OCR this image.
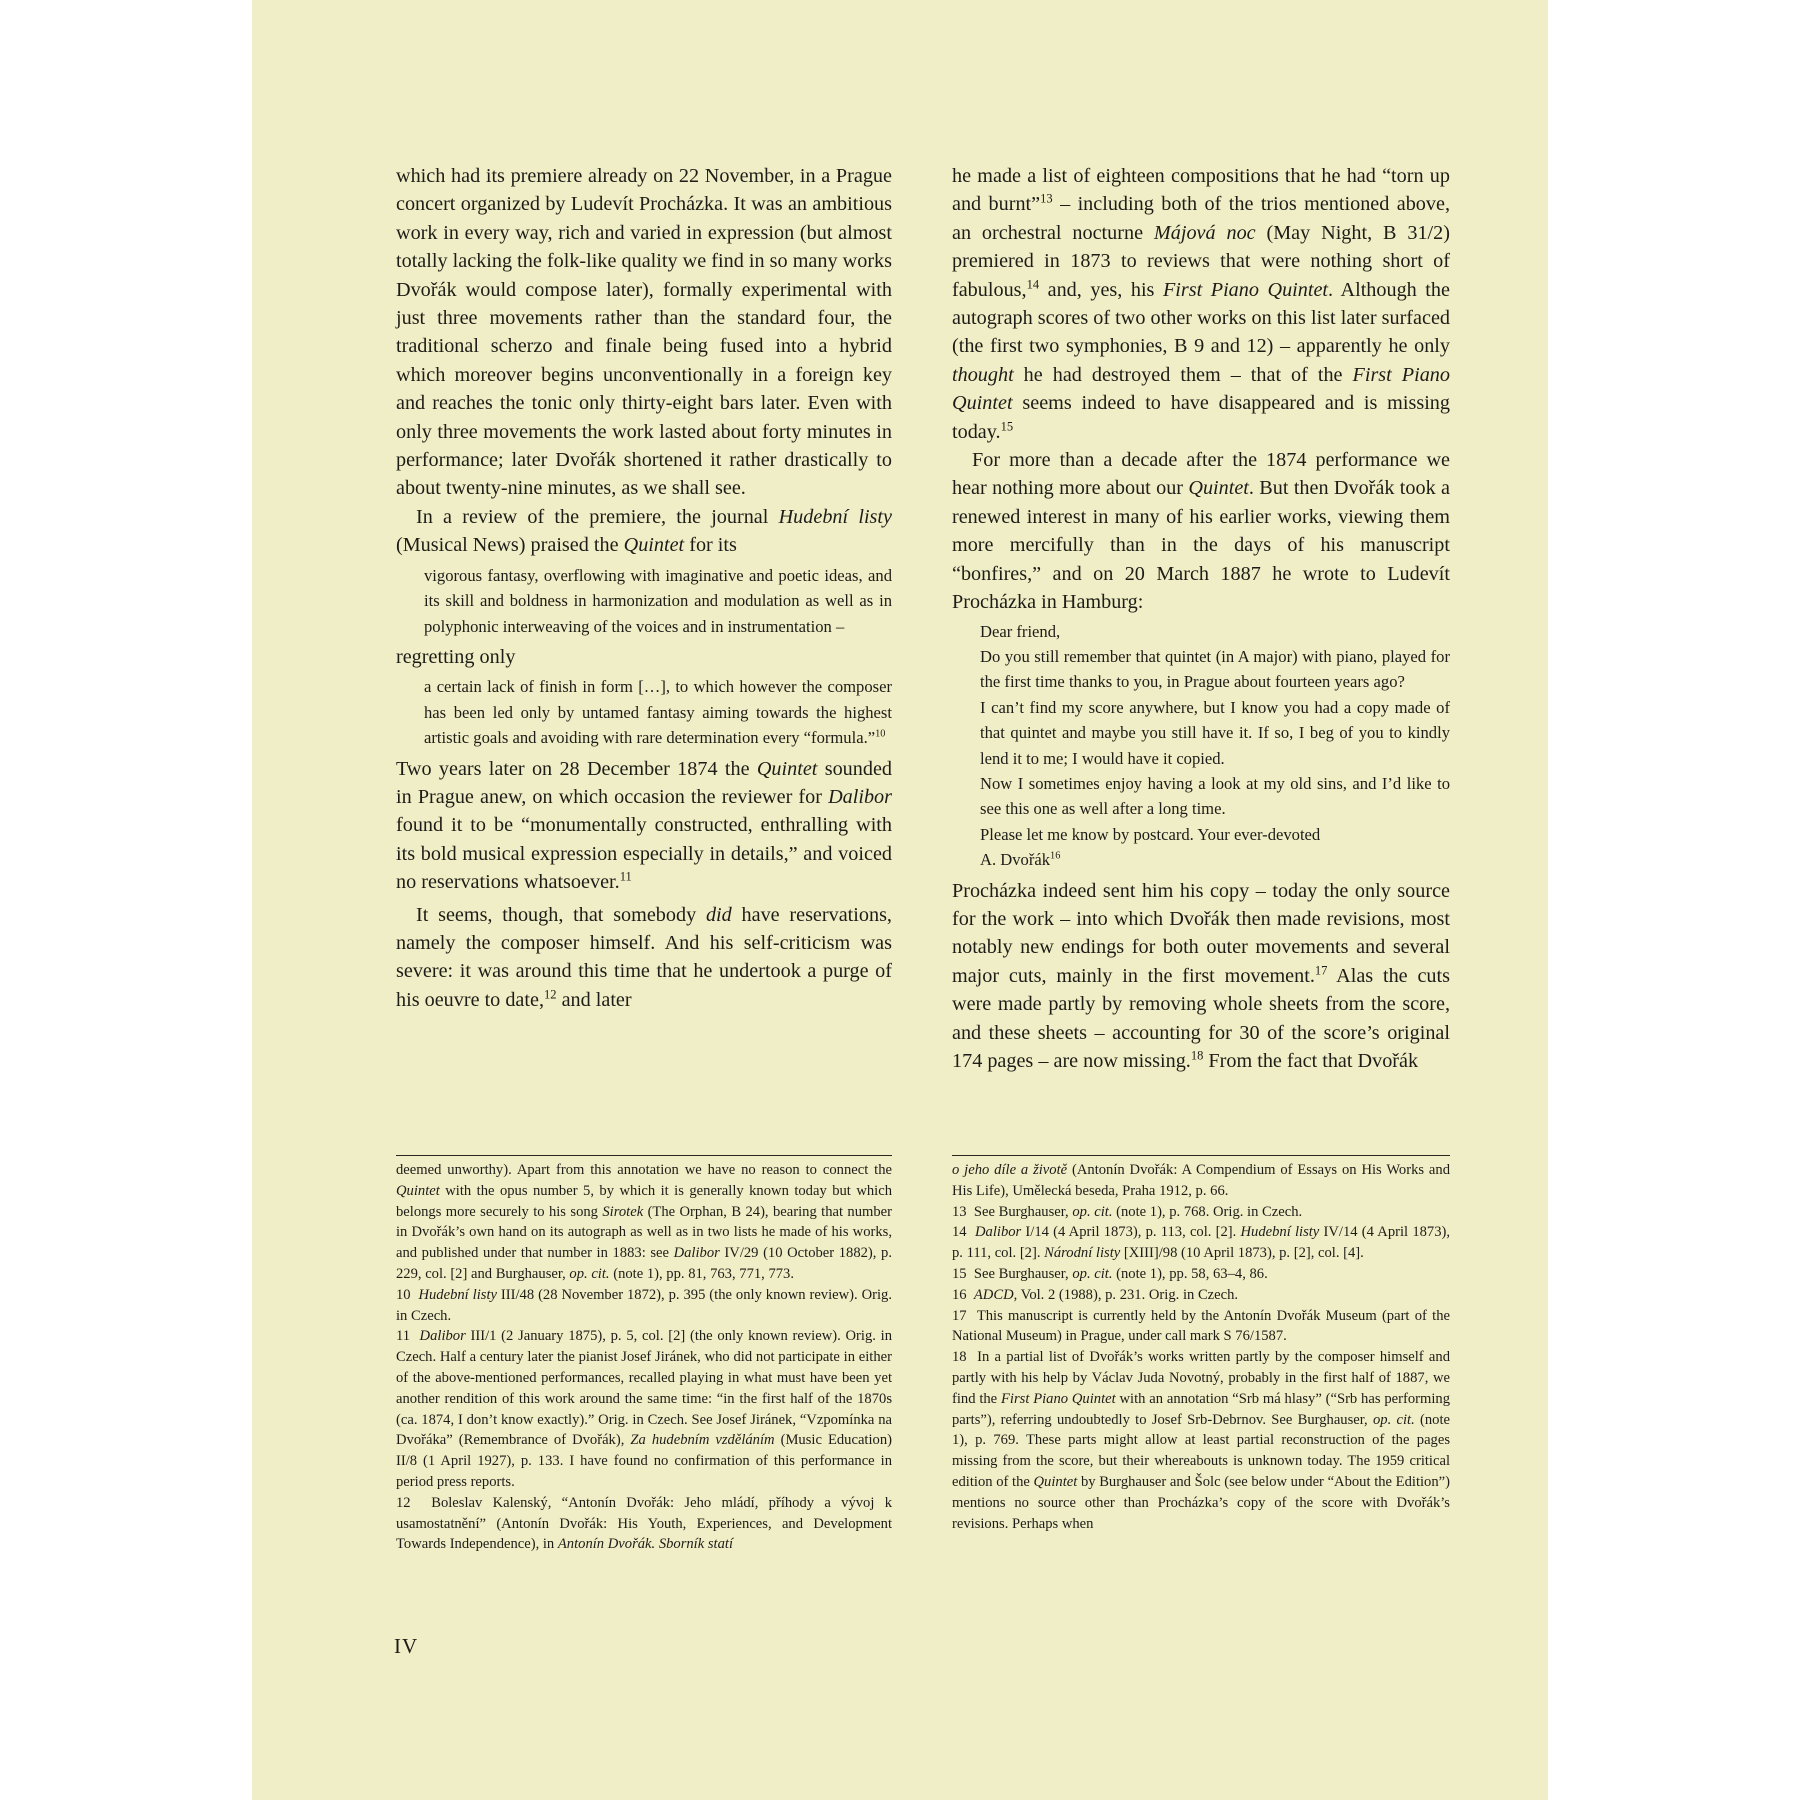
which had its premiere already on 22 November, in a Prague concert organized by Ludevít Procházka. It was an ambitious work in every way, rich and varied in expression (but almost totally lacking the folk-like quality we find in so many works Dvořák would compose later), formally experimental with just three movements rather than the standard four, the traditional scherzo and finale being fused into a hybrid which moreover begins unconventionally in a foreign key and reaches the tonic only thirty-eight bars later. Even with only three movements the work lasted about forty minutes in performance; later Dvořák shortened it rather drastically to about twenty-nine minutes, as we shall see.

In a review of the premiere, the journal Hudební listy (Musical News) praised the Quintet for its

vigorous fantasy, overflowing with imaginative and poetic ideas, and its skill and boldness in harmonization and modulation as well as in polyphonic interweaving of the voices and in instrumentation –

regretting only

a certain lack of finish in form […], to which however the composer has been led only by untamed fantasy aiming towards the highest artistic goals and avoiding with rare determination every “formula.”$^{10}$

Two years later on 28 December 1874 the Quintet sounded in Prague anew, on which occasion the reviewer for Dalibor found it to be “monumentally constructed, enthralling with its bold musical expression especially in details,” and voiced no reservations whatsoever.$^{11}$

It seems, though, that somebody did have reservations, namely the composer himself. And his self-criticism was severe: it was around this time that he undertook a purge of his oeuvre to date,$^{12}$ and later

he made a list of eighteen compositions that he had “torn up and burnt”$^{13}$ – including both of the trios mentioned above, an orchestral nocturne Májová noc (May Night, B 31/2) premiered in 1873 to reviews that were nothing short of fabulous,$^{14}$ and, yes, his First Piano Quintet. Although the autograph scores of two other works on this list later surfaced (the first two symphonies, B 9 and 12) – apparently he only thought he had destroyed them – that of the First Piano Quintet seems indeed to have disappeared and is missing today.$^{15}$

For more than a decade after the 1874 performance we hear nothing more about our Quintet. But then Dvořák took a renewed interest in many of his earlier works, viewing them more mercifully than in the days of his manuscript “bonfires,” and on 20 March 1887 he wrote to Ludevít Procházka in Hamburg:

Dear friend,

Do you still remember that quintet (in A major) with piano, played for the first time thanks to you, in Prague about fourteen years ago?

I can’t find my score anywhere, but I know you had a copy made of that quintet and maybe you still have it. If so, I beg of you to kindly lend it to me; I would have it copied.

Now I sometimes enjoy having a look at my old sins, and I’d like to see this one as well after a long time.

Please let me know by postcard. Your ever-devoted

A. Dvořák$^{16}$

Procházka indeed sent him his copy – today the only source for the work – into which Dvořák then made revisions, most notably new endings for both outer movements and several major cuts, mainly in the first movement.$^{17}$ Alas the cuts were made partly by removing whole sheets from the score, and these sheets – accounting for 30 of the score’s original 174 pages – are now missing.$^{18}$ From the fact that Dvořák

deemed unworthy). Apart from this annotation we have no reason to connect the Quintet with the opus number 5, by which it is generally known today but which belongs more securely to his song Sirotek (The Orphan, B 24), bearing that number in Dvořák’s own hand on its autograph as well as in two lists he made of his works, and published under that number in 1883: see Dalibor IV/29 (10 October 1882), p. 229, col. [2] and Burghauser, op. cit. (note 1), pp. 81, 763, 771, 773.

10 Hudební listy III/48 (28 November 1872), p. 395 (the only known review). Orig. in Czech.

11 Dalibor III/1 (2 January 1875), p. 5, col. [2] (the only known review). Orig. in Czech. Half a century later the pianist Josef Jiránek, who did not participate in either of the above-mentioned performances, recalled playing in what must have been yet another rendition of this work around the same time: “in the first half of the 1870s (ca. 1874, I don’t know exactly).” Orig. in Czech. See Josef Jiránek, “Vzpomínka na Dvořáka” (Remembrance of Dvořák), Za hudebním vzděláním (Music Education) II/8 (1 April 1927), p. 133. I have found no confirmation of this performance in period press reports.

12 Boleslav Kalenský, “Antonín Dvořák: Jeho mládí, příhody a vývoj k usamostatnění” (Antonín Dvořák: His Youth, Experiences, and Development Towards Independence), in Antonín Dvořák. Sborník statí

o jeho díle a životě (Antonín Dvořák: A Compendium of Essays on His Works and His Life), Umělecká beseda, Praha 1912, p. 66.

13 See Burghauser, op. cit. (note 1), p. 768. Orig. in Czech.

14 Dalibor I/14 (4 April 1873), p. 113, col. [2]. Hudební listy IV/14 (4 April 1873), p. 111, col. [2]. Národní listy [XIII]/98 (10 April 1873), p. [2], col. [4].

15 See Burghauser, op. cit. (note 1), pp. 58, 63–4, 86.

16 ADCD, Vol. 2 (1988), p. 231. Orig. in Czech.

17 This manuscript is currently held by the Antonín Dvořák Museum (part of the National Museum) in Prague, under call mark S 76/1587.

18 In a partial list of Dvořák’s works written partly by the composer himself and partly with his help by Václav Juda Novotný, probably in the first half of 1887, we find the First Piano Quintet with an annotation “Srb má hlasy” (“Srb has performing parts”), referring undoubtedly to Josef Srb-Debrnov. See Burghauser, op. cit. (note 1), p. 769. These parts might allow at least partial reconstruction of the pages missing from the score, but their whereabouts is unknown today. The 1959 critical edition of the Quintet by Burghauser and Šolc (see below under “About the Edition”) mentions no source other than Procházka’s copy of the score with Dvořák’s revisions. Perhaps when

IV
